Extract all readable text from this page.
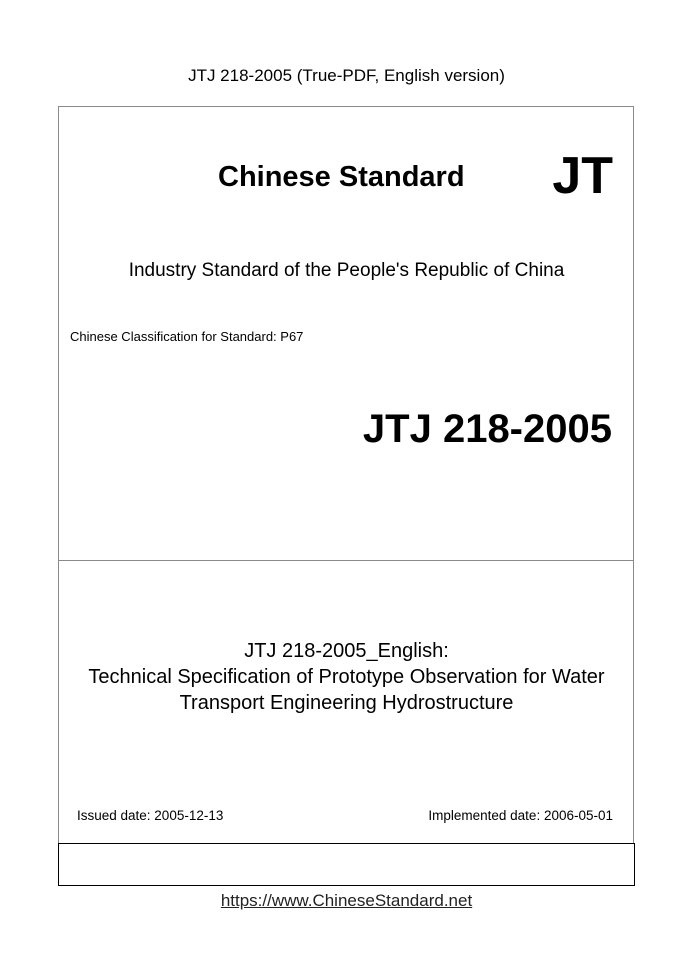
JTJ 218-2005 (True-PDF, English version)
Chinese Standard JT
Industry Standard of the People's Republic of China
Chinese Classification for Standard: P67
JTJ 218-2005
JTJ 218-2005_English:
Technical Specification of Prototype Observation for Water
Transport Engineering Hydrostructure
Issued date: 2005-12-13	Implemented date: 2006-05-01
https://www.ChineseStandard.net
